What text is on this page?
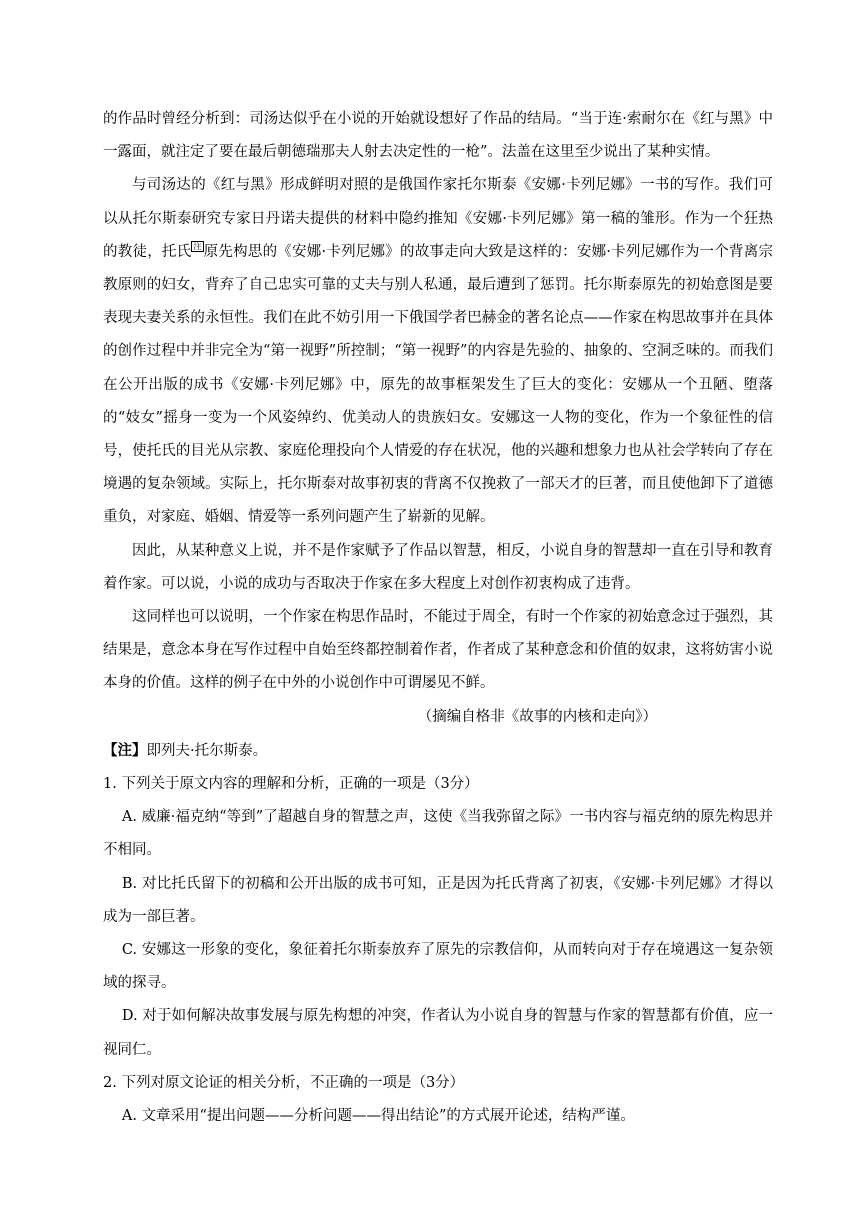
的作品时曾经分析到：司汤达似乎在小说的开始就设想好了作品的结局。“当于连·索耐尔在《红与黑》中一露面，就注定了要在最后朝德瑞那夫人射去决定性的一枪”。法盖在这里至少说出了某种实情。

与司汤达的《红与黑》形成鲜明对照的是俄国作家托尔斯泰《安娜·卡列尼娜》一书的写作。我们可以从托尔斯泰研究专家日丹诺夫提供的材料中隐约推知《安娜·卡列尼娜》第一稿的雏形。作为一个狂热的教徒，托氏 $^注$ 原先构思的《安娜·卡列尼娜》的故事走向大致是这样的：安娜·卡列尼娜作为一个背离宗教原则的妇女，背弃了自己忠实可靠的丈夫与别人私通，最后遭到了惩罚。托尔斯泰原先的初始意图是要表现夫妻关系的永恒性。我们在此不妨引用一下俄国学者巴赫金的著名论点——作家在构思故事并在具体的创作过程中并非完全为“第一视野”所控制；“第一视野”的内容是先验的、抽象的、空洞乏味的。而我们在公开出版的成书《安娜·卡列尼娜》中，原先的故事框架发生了巨大的变化：安娜从一个丑陋、堕落的“妓女”摇身一变为一个风姿绰约、优美动人的贵族妇女。安娜这一人物的变化，作为一个象征性的信号，使托氏的目光从宗教、家庭伦理投向个人情爱的存在状况，他的兴趣和想象力也从社会学转向了存在境遇的复杂领域。实际上，托尔斯泰对故事初衷的背离不仅挽救了一部天才的巨著，而且使他卸下了道德重负，对家庭、婚姻、情爱等一系列问题产生了崭新的见解。

因此，从某种意义上说，并不是作家赋予了作品以智慧，相反，小说自身的智慧却一直在引导和教育着作家。可以说，小说的成功与否取决于作家在多大程度上对创作初衷构成了违背。

这同样也可以说明，一个作家在构思作品时，不能过于周全，有时一个作家的初始意念过于强烈，其结果是，意念本身在写作过程中自始至终都控制着作者，作者成了某种意念和价值的奴隶，这将妨害小说本身的价值。这样的例子在中外的小说创作中可谓屡见不鲜。

（摘编自格非《故事的内核和走向》）

【注】即列夫·托尔斯泰。

1. 下列关于原文内容的理解和分析，正确的一项是（3分）

A. 威廉·福克纳“等到”了超越自身的智慧之声，这使《当我弥留之际》一书内容与福克纳的原先构思并不相同。

B. 对比托氏留下的初稿和公开出版的成书可知，正是因为托氏背离了初衷，《安娜·卡列尼娜》才得以成为一部巨著。

C. 安娜这一形象的变化，象征着托尔斯泰放弃了原先的宗教信仰，从而转向对于存在境遇这一复杂领域的探寻。

D. 对于如何解决故事发展与原先构想的冲突，作者认为小说自身的智慧与作家的智慧都有价值，应一视同仁。

2. 下列对原文论证的相关分析，不正确的一项是（3分）

A. 文章采用“提出问题——分析问题——得出结论”的方式展开论述，结构严谨。
